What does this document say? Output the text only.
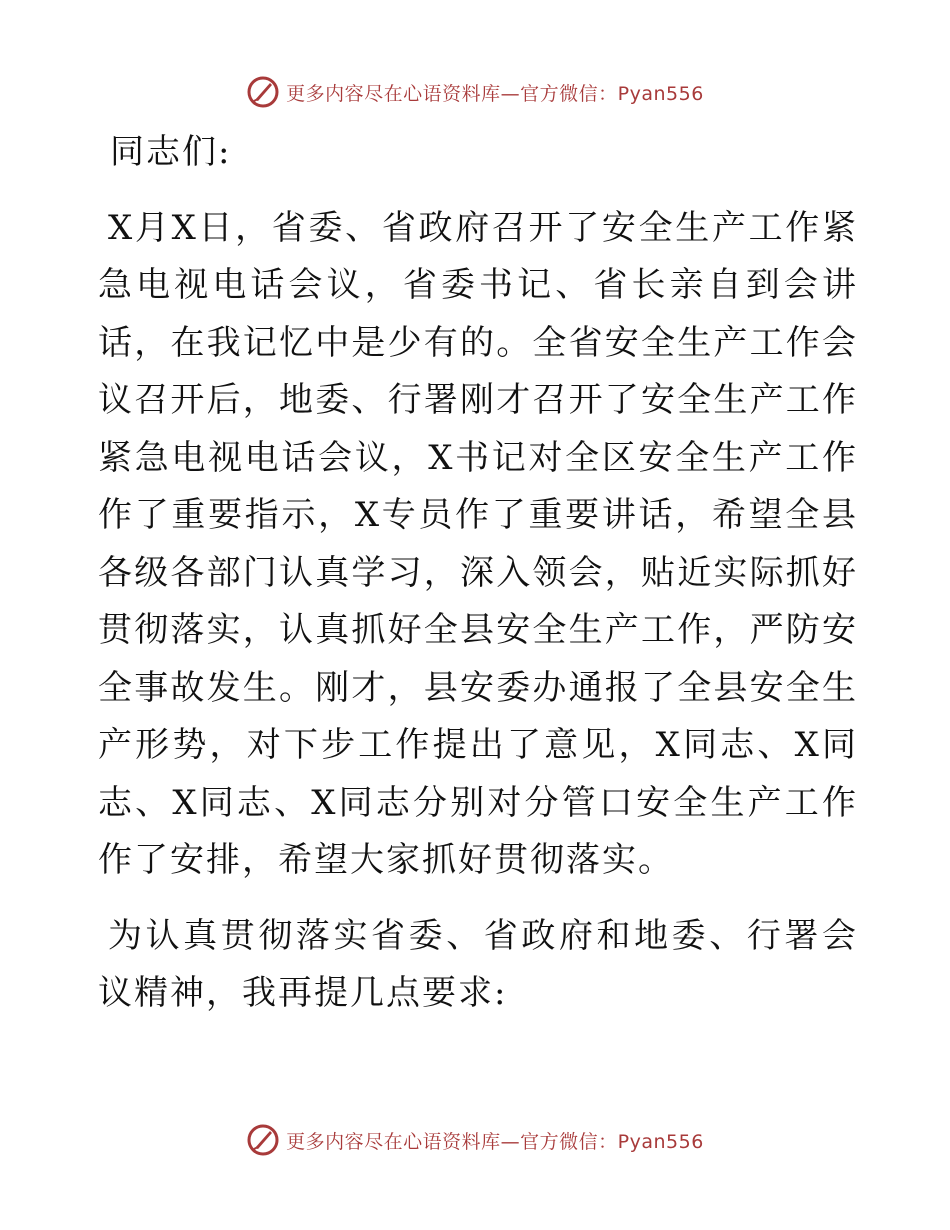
更多内容尽在心语资料库—官方微信：Pyan556

同志们:

X月X日，省委、省政府召开了安全生产工作紧急电视电话会议，省委书记、省长亲自到会讲话，在我记忆中是少有的。全省安全生产工作会议召开后，地委、行署刚才召开了安全生产工作紧急电视电话会议，X书记对全区安全生产工作作了重要指示，X专员作了重要讲话，希望全县各级各部门认真学习，深入领会，贴近实际抓好贯彻落实，认真抓好全县安全生产工作，严防安全事故发生。刚才，县安委办通报了全县安全生产形势，对下步工作提出了意见，X同志、X同志、X同志、X同志分别对分管口安全生产工作作了安排，希望大家抓好贯彻落实。

为认真贯彻落实省委、省政府和地委、行署会议精神，我再提几点要求:

更多内容尽在心语资料库—官方微信：Pyan556
